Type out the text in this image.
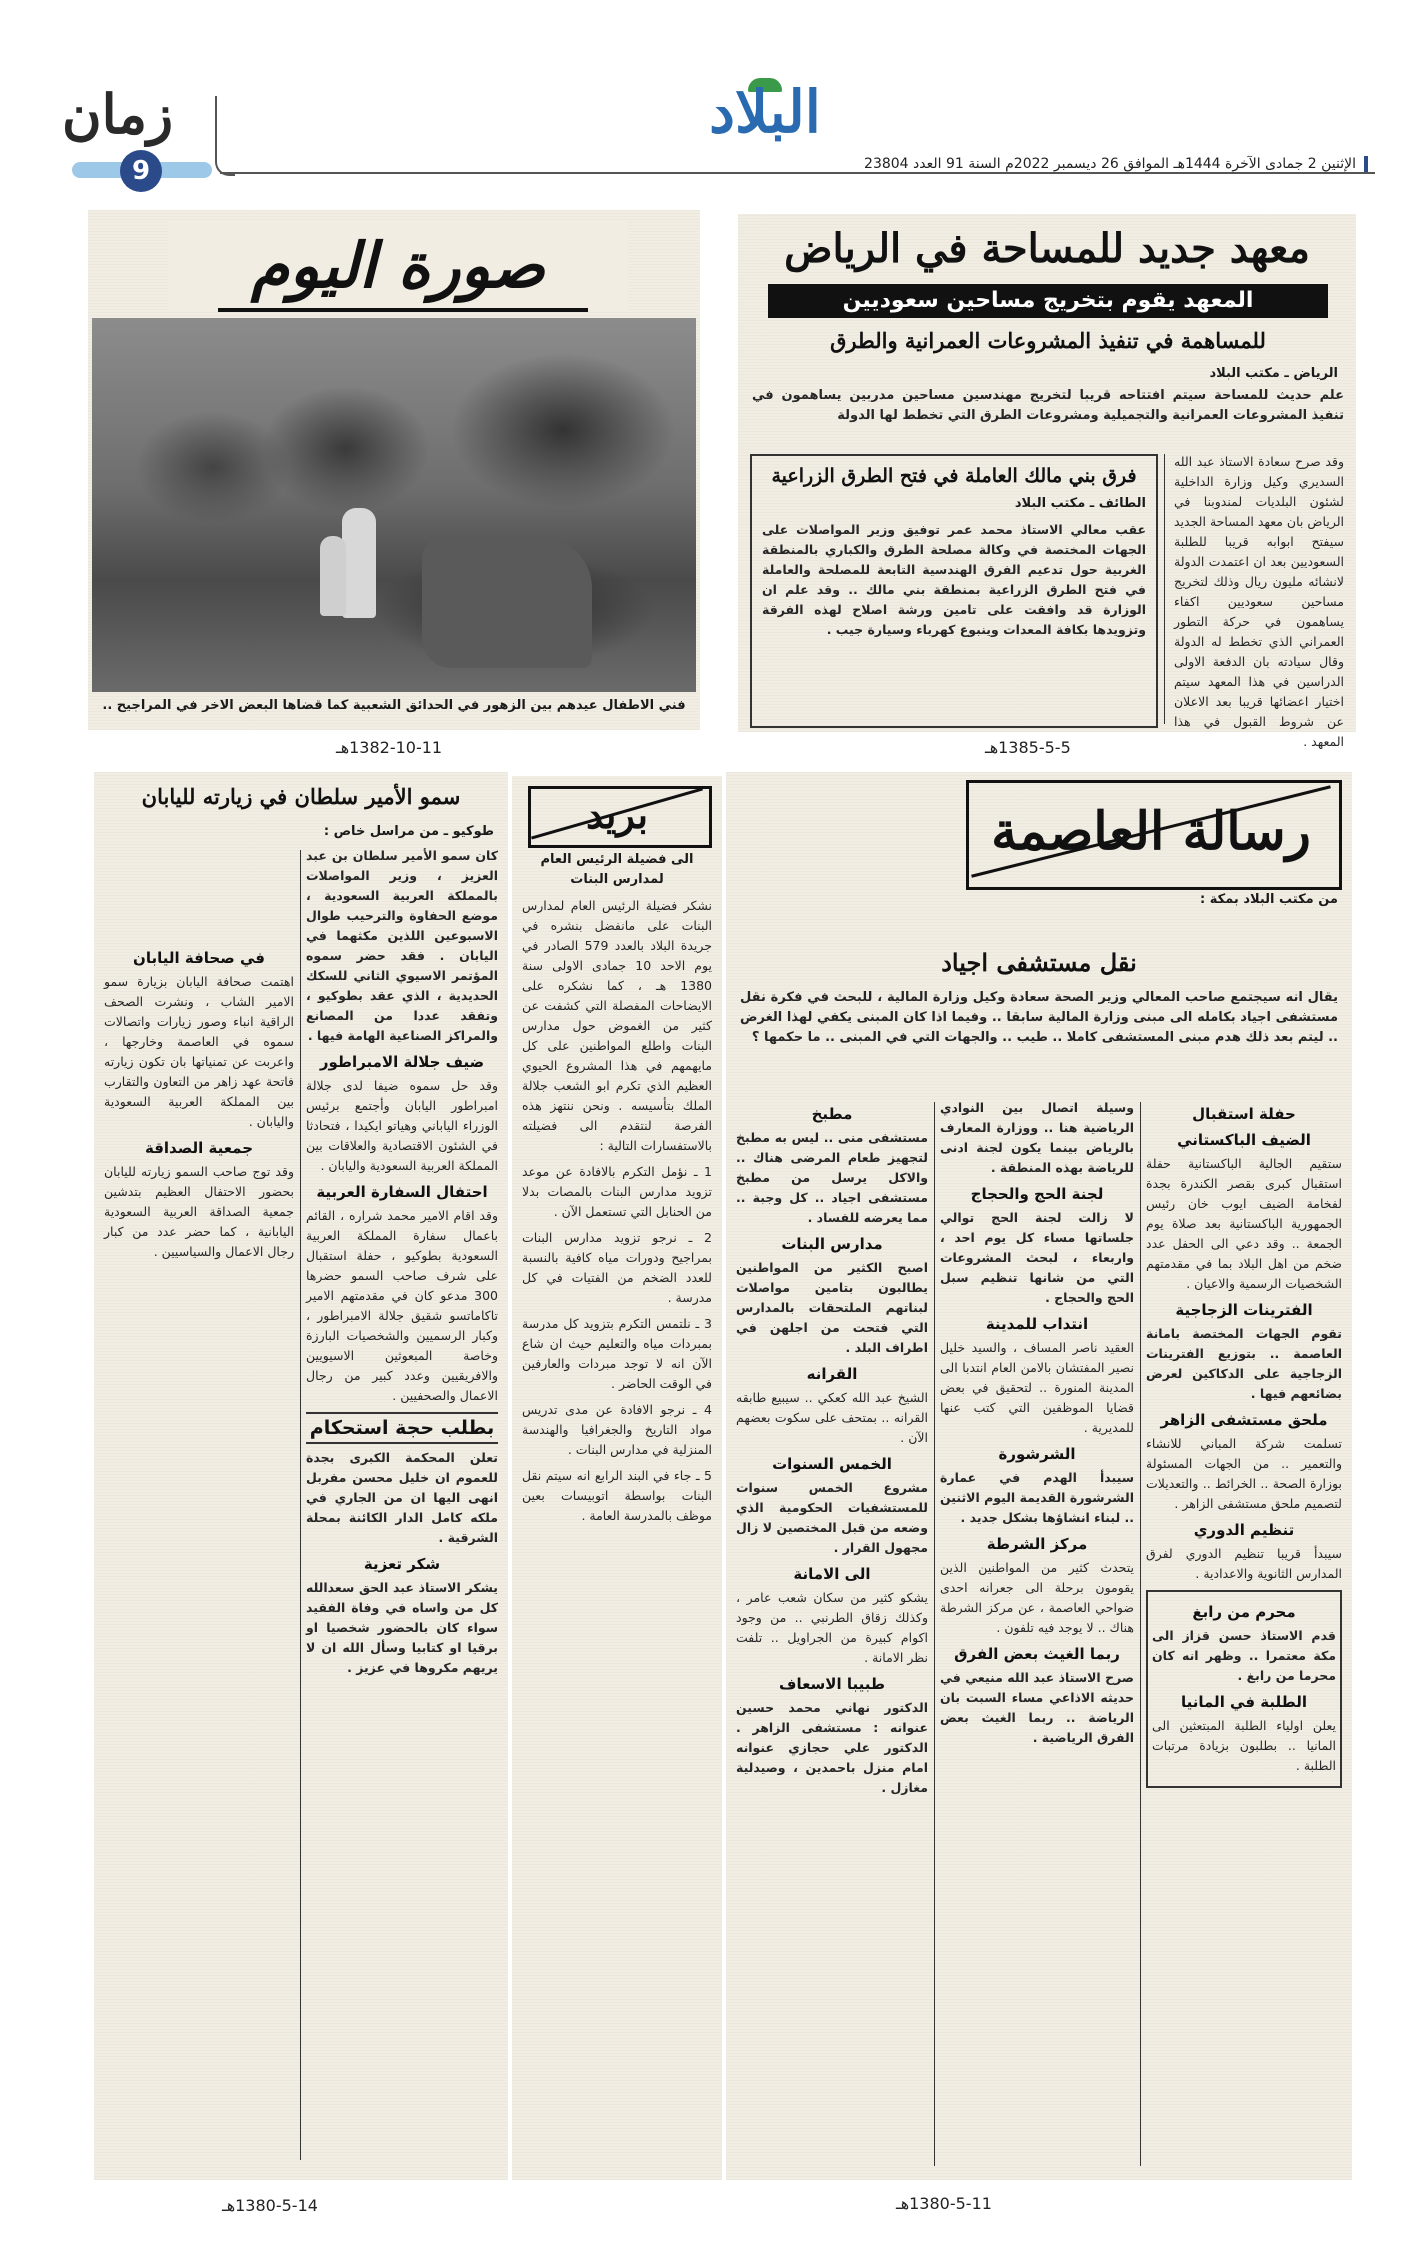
زمان
9
البلاد
الإثنين 2 جمادى الآخرة 1444هـ الموافق 26 ديسمبر 2022م السنة 91 العدد 23804
صورة اليوم
فني الاطفال عيدهم بين الزهور في الحدائق الشعبية كما قضاها البعض الاخر في المراجيح ..
1382-10-11هـ
معهد جديد للمساحة في الرياض
المعهد يقوم بتخريج مساحين سعوديين
للمساهمة في تنفيذ المشروعات العمرانية والطرق
الرياض ـ مكتب البلاد

علم حديث للمساحة سيتم افتتاحه قريبا لتخريج مهندسين مساحين مدربين يساهمون في تنفيذ المشروعات العمرانية والتجميلية ومشروعات الطرق التي تخطط لها الدولة

وقد صرح سعادة الاستاذ عبد الله السديري وكيل وزارة الداخلية لشئون البلديات لمندوبنا في الرياض بان معهد المساحة الجديد سيفتح ابوابه قريبا للطلبة السعوديين بعد ان اعتمدت الدولة لانشائه مليون ريال وذلك لتخريج مساحين سعوديين اكفاء يساهمون في حركة التطور العمراني الذي تخطط له الدولة وقال سيادته بان الدفعة الاولى الدراسين في هذا المعهد سيتم اختيار اعضائها قريبا بعد الاعلان عن شروط القبول في هذا المعهد .

فرق بني مالك العاملة في فتح الطرق الزراعية
الطائف ـ مكتب البلاد

عقب معالي الاستاذ محمد عمر توفيق وزير المواصلات على الجهات المختصة في وكالة مصلحة الطرق والكباري بالمنطقة الغربية حول تدعيم الفرق الهندسية التابعة للمصلحة والعاملة في فتح الطرق الزراعية بمنطقة بني مالك .. وقد علم ان الوزارة قد وافقت على تامين ورشة اصلاح لهذه الفرقة وتزويدها بكافة المعدات وينبوع كهرباء وسيارة جيب .

1385-5-5هـ
سمو الأمير سلطان في زيارته لليابان
طوكيو ـ من مراسل خاص :

كان سمو الأمير سلطان بن عبد العزيز ، وزير المواصلات بالمملكة العربية السعودية ، موضع الحفاوة والترحيب طوال الاسبوعين اللذين مكثهما في اليابان . فقد حضر سموه المؤتمر الاسيوي الثاني للسكك الحديدية ، الذي عقد بطوكيو ، وتفقد عددا من المصانع والمراكز الصناعية الهامة فيها .

ضيف جلالة الامبراطور

وقد حل سموه ضيفا لدى جلالة امبراطور اليابان وأجتمع برئيس الوزراء الياباني وهياتو ايكيدا ، فتحادثا في الشئون الاقتصادية والعلاقات بين المملكة العربية السعودية واليابان .

احتفال السفارة العربية

وقد اقام الامير محمد شراره ، القائم باعمال سفارة المملكة العربية السعودية بطوكيو ، حفلة استقبال على شرف صاحب السمو حضرها 300 مدعو كان في مقدمتهم الامير تاكاماتسو شقيق جلالة الامبراطور ، وكبار الرسميين والشخصيات البارزة وخاصة المبعوثين الاسيويين والافريقيين وعدد كبير من رجال الاعمال والصحفيين .

بطلب حجة استحكام

تعلن المحكمة الكبرى بجدة للعموم ان خليل محسن مفربل انهى اليها ان من الجاري في ملكه كامل الدار الكائنة بمحلة الشرقية .

شكر تعزية

يشكر الاستاذ عبد الحق سعدالله كل من واساه في وفاة الفقيد سواء كان بالحضور شخصيا او برقيا او كتابيا وسأل الله ان لا يريهم مكروها في عزيز .

في صحافة اليابان

اهتمت صحافة اليابان بزيارة سمو الامير الشاب ، ونشرت الصحف الراقية انباء وصور زيارات واتصالات سموه في العاصمة وخارجها ، واعربت عن تمنياتها بان تكون زيارته فاتحة عهد زاهر من التعاون والتقارب بين المملكة العربية السعودية واليابان .

جمعية الصداقة

وقد توج صاحب السمو زيارته لليابان بحضور الاحتفال العظيم بتدشين جمعية الصداقة العربية السعودية اليابانية ، كما حضر عدد من كبار رجال الاعمال والسياسيين .

1380-5-14هـ
بريد
الى فضيلة الرئيس العام لمدارس البنات

نشكر فضيلة الرئيس العام لمدارس البنات على مانفضل بنشره في جريدة البلاد بالعدد 579 الصادر في يوم الاحد 10 جمادى الاولى سنة 1380 هـ ، كما نشكره على الايضاحات المفصلة التي كشفت عن كثير من الغموض حول مدارس البنات واطلع المواطنين على كل مايهمهم في هذا المشروع الحيوي العظيم الذي تكرم ابو الشعب جلالة الملك بتأسيسه . ونحن ننتهز هذه الفرصة لنتقدم الى فضيلته بالاستفسارات التالية :

1 ـ نؤمل التكرم بالافادة عن موعد تزويد مدارس البنات بالمصات بدلا من الحنابل التي تستعمل الآن .

2 ـ نرجو تزويد مدارس البنات بمراجيح ودورات مياه كافية بالنسبة للعدد الضخم من الفتيات في كل مدرسة .

3 ـ نلتمس التكرم بتزويد كل مدرسة بمبردات مياه والتعليم حيث ان شاع الآن انه لا توجد مبردات والعارفين في الوقت الحاضر .

4 ـ نرجو الافادة عن مدى تدريس مواد التاريخ والجغرافيا والهندسة المنزلية في مدارس البنات .

5 ـ جاء في البند الرابع انه سيتم نقل البنات بواسطة اتوبيسات بعين موظف بالمدرسة العامة .

رسالة العاصمة
من مكتب البلاد بمكة :
نقل مستشفى اجياد

يقال انه سيجتمع صاحب المعالي وزير الصحة سعادة وكيل وزارة المالية ، للبحث في فكرة نقل مستشفى اجياد بكامله الى مبنى وزارة المالية سابقا .. وفيما اذا كان المبنى يكفي لهذا الغرض .. ليتم بعد ذلك هدم مبنى المستشفى كاملا .. طيب .. والجهات التي في المبنى .. ما حكمها ؟

حفلة استقبال
الضيف الباكستاني

ستقيم الجالية الباكستانية حفلة استقبال كبرى بقصر الكندرة بجدة لفخامة الضيف ايوب خان رئيس الجمهورية الباكستانية بعد صلاة يوم الجمعة .. وقد دعي الى الحفل عدد ضخم من اهل البلاد بما في مقدمتهم الشخصيات الرسمية والاعيان .

الفترينات الزجاجية

تقوم الجهات المختصة بامانة العاصمة .. بتوزيع الفترينات الزجاجية على الدكاكين لعرض بضائعهم فيها .

ملحق مستشفى الزاهر

تسلمت شركة المباني للانشاء والتعمير .. من الجهات المسئولة بوزارة الصحة .. الخرائط .. والتعديلات لتصميم ملحق مستشفى الزاهر .

تنظيم الدوري

سيبدأ قريبا تنظيم الدوري لفرق المدارس الثانوية والاعدادية .

محرم من رابغ

قدم الاستاذ حسن قزاز الى مكة معتمرا .. وظهر انه كان محرما من رابغ .

الطلبة في المانيا

يعلن اولياء الطلبة المبتعثين الى المانيا .. بطلبون بزيادة مرتبات الطلبة .

وسيلة اتصال بين النوادي الرياضية هنا .. ووزارة المعارف بالرياض بينما يكون لجنة ادنى للرياضة بهذه المنطقة .

لجنة الحج والحجاج

لا زالت لجنة الحج توالي جلساتها مساء كل يوم احد ، واربعاء ، لبحث المشروعات التي من شانها تنظيم سبل الحج والحجاج .

انتداب للمدينة

العقيد ناصر المساف ، والسيد خليل نصير المفتشان بالامن العام انتدبا الى المدينة المنورة .. لتحقيق في بعض قضايا الموظفين التي كتب عنها للمديرية .

الشرشورة

سيبدأ الهدم في عمارة الشرشورة القديمة اليوم الاثنين .. لبناء انشاؤها بشكل جديد .

مركز الشرطة

يتحدث كثير من المواطنين الذين يقومون برحلة الى جعرانه احدى ضواحي العاصمة ، عن مركز الشرطة هناك .. لا يوجد فيه تلفون .

ربما الغيث بعض الفرق

صرح الاستاذ عبد الله منيعي في حديثه الاذاعي مساء السبت بان الرياضة .. ربما الغيث بعض الفرق الرياضية .

مطبخ

مستشفى منى .. ليس به مطبخ لتجهيز طعام المرضى هناك .. والاكل يرسل من مطبخ مستشفى اجياد .. كل وجبة .. مما يعرضه للفساد .

مدارس البنات

اصبح الكثير من المواطنين يطالبون بتامين مواصلات لبناتهم الملتحقات بالمدارس التي فتحت من اجلهن في اطراف البلد .

القرانه

الشيخ عبد الله كعكي .. سيبيع طابقه القرانه .. بمتحف على سكوت بعضهم الآن .

الخمس السنوات

مشروع الخمس سنوات للمستشفيات الحكومية الذي وضعه من قبل المختصين لا زال مجهول القرار .

الى الامانة

يشكو كثير من سكان شعب عامر ، وكذلك زقاق الطرنبي .. من وجود اكوام كبيرة من الجراويل .. تلفت نظر الامانة .

طبيبا الاسعاف

الدكتور نهاني محمد حسين عنوانه : مستشفى الزاهر . الدكتور علي حجازي عنوانه امام منزل باحمدين ، وصيدلية مغازل .

1380-5-11هـ
